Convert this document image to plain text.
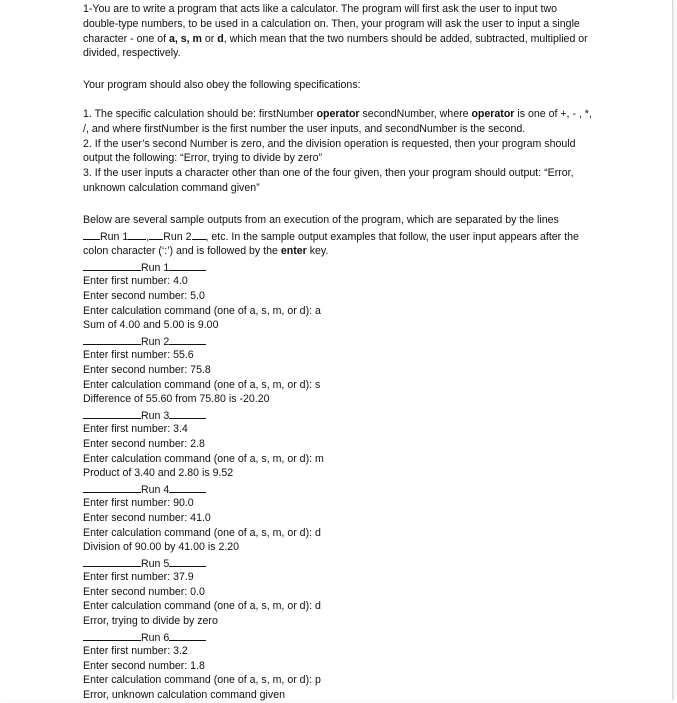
1-You are to write a program that acts like a calculator. The program will first ask the user to input two double-type numbers, to be used in a calculation on. Then, your program will ask the user to input a single character - one of a, s, m or d, which mean that the two numbers should be added, subtracted, multiplied or divided, respectively.

Your program should also obey the following specifications:

1. The specific calculation should be: firstNumber operator secondNumber, where operator is one of +, - , *, /, and where firstNumber is the first number the user inputs, and secondNumber is the second.

2. If the user’s second Number is zero, and the division operation is requested, then your program should output the following: “Error, trying to divide by zero”

3. If the user inputs a character other than one of the four given, then your program should output: “Error, unknown calculation command given”

Below are several sample outputs from an execution of the program, which are separated by the lines
Run 1 , Run 2 , etc. In the sample output examples that follow, the user input appears after the colon character (‘:’) and is followed by the enter key.

Run 1
Enter first number: 4.0
Enter second number: 5.0
Enter calculation command (one of a, s, m, or d): a
Sum of 4.00 and 5.00 is 9.00
Run 2
Enter first number: 55.6
Enter second number: 75.8
Enter calculation command (one of a, s, m, or d): s
Difference of 55.60 from 75.80 is -20.20
Run 3
Enter first number: 3.4
Enter second number: 2.8
Enter calculation command (one of a, s, m, or d): m
Product of 3.40 and 2.80 is 9.52
Run 4
Enter first number: 90.0
Enter second number: 41.0
Enter calculation command (one of a, s, m, or d): d
Division of 90.00 by 41.00 is 2.20
Run 5
Enter first number: 37.9
Enter second number: 0.0
Enter calculation command (one of a, s, m, or d): d
Error, trying to divide by zero
Run 6
Enter first number: 3.2
Enter second number: 1.8
Enter calculation command (one of a, s, m, or d): p
Error, unknown calculation command given
